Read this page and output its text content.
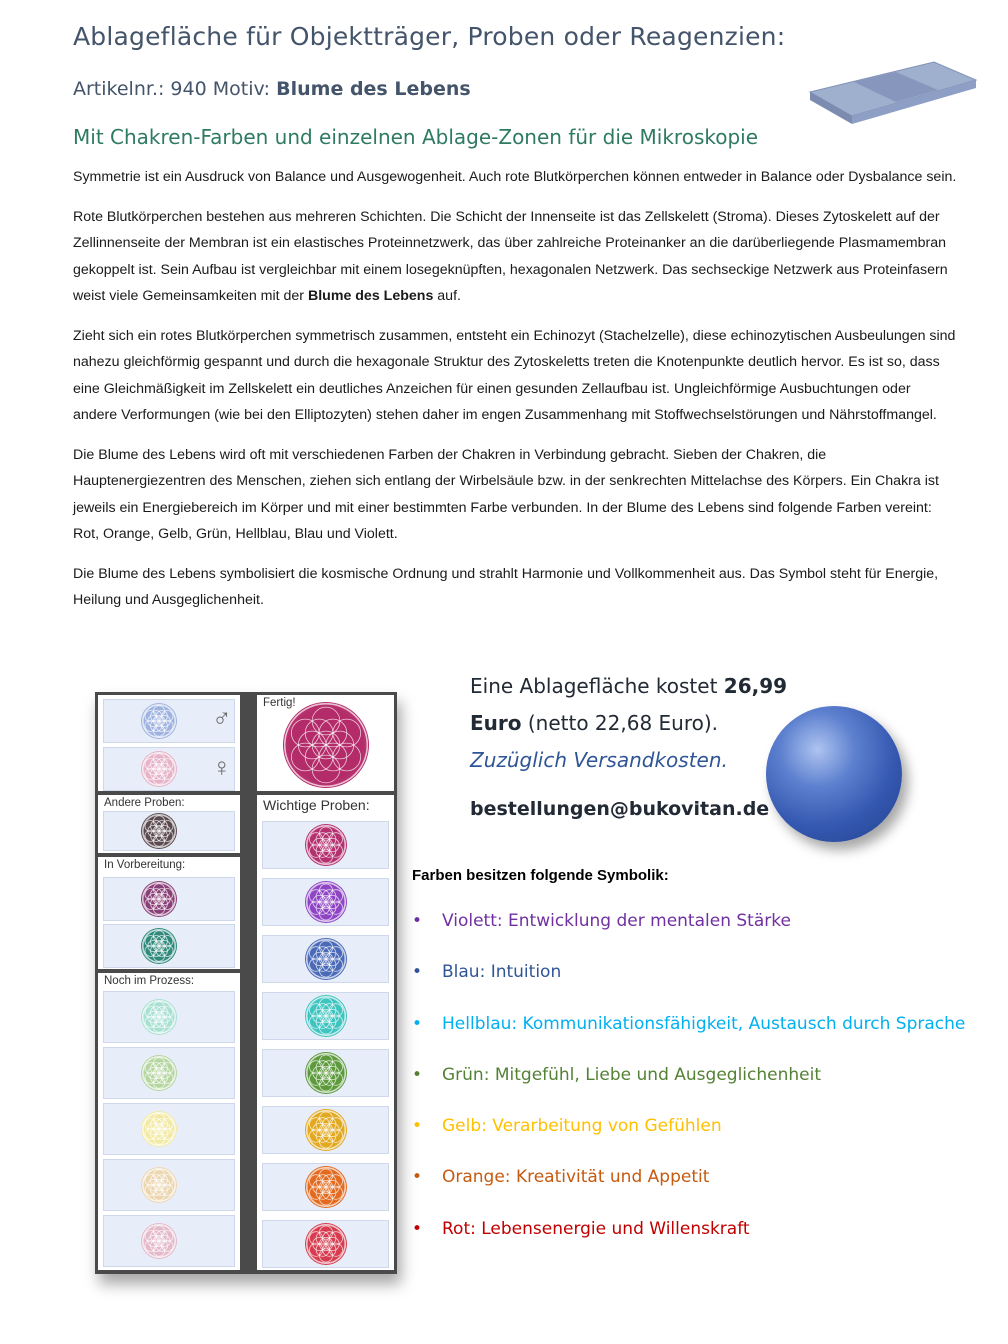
Ablagefläche für Objektträger, Proben oder Reagenzien:
Artikelnr.: 940 Motiv: Blume des Lebens
Mit Chakren-Farben und einzelnen Ablage-Zonen für die Mikroskopie

Symmetrie ist ein Ausdruck von Balance und Ausgewogenheit. Auch rote Blutkörperchen können entweder in Balance oder Dysbalance sein.

Rote Blutkörperchen bestehen aus mehreren Schichten. Die Schicht der Innenseite ist das Zellskelett (Stroma). Dieses Zytoskelett auf der Zellinnenseite der Membran ist ein elastisches Proteinnetzwerk, das über zahlreiche Proteinanker an die darüberliegende Plasmamembran gekoppelt ist. Sein Aufbau ist vergleichbar mit einem losegeknüpften, hexagonalen Netzwerk. Das sechseckige Netzwerk aus Proteinfasern weist viele Gemeinsamkeiten mit der Blume des Lebens auf.

Zieht sich ein rotes Blutkörperchen symmetrisch zusammen, entsteht ein Echinozyt (Stachelzelle), diese echinozytischen Ausbeulungen sind nahezu gleichförmig gespannt und durch die hexagonale Struktur des Zytoskeletts treten die Knotenpunkte deutlich hervor. Es ist so, dass eine Gleichmäßigkeit im Zellskelett ein deutliches Anzeichen für einen gesunden Zellaufbau ist. Ungleichförmige Ausbuchtungen oder andere Verformungen (wie bei den Elliptozyten) stehen daher im engen Zusammenhang mit Stoffwechselstörungen und Nährstoffmangel.

Die Blume des Lebens wird oft mit verschiedenen Farben der Chakren in Verbindung gebracht. Sieben der Chakren, die Hauptenergiezentren des Menschen, ziehen sich entlang der Wirbelsäule bzw. in der senkrechten Mittelachse des Körpers. Ein Chakra ist jeweils ein Energiebereich im Körper und mit einer bestimmten Farbe verbunden. In der Blume des Lebens sind folgende Farben vereint: Rot, Orange, Gelb, Grün, Hellblau, Blau und Violett.

Die Blume des Lebens symbolisiert die kosmische Ordnung und strahlt Harmonie und Vollkommenheit aus. Das Symbol steht für Energie, Heilung und Ausgeglichenheit.

Eine Ablagefläche kostet 26,99
Euro (netto 22,68 Euro).
Zuzüglich Versandkosten.
bestellungen@bukovitan.de
Farben besitzen folgende Symbolik:
•	Violett: Entwicklung der mentalen Stärke
•	Blau: Intuition
•	Hellblau: Kommunikationsfähigkeit, Austausch durch Sprache
•	Grün: Mitgefühl, Liebe und Ausgeglichenheit
•	Gelb: Verarbeitung von Gefühlen
•	Orange: Kreativität und Appetit
•	Rot: Lebensenergie und Willenskraft
♂
♀
Andere Proben:
In Vorbereitung:
Noch im Prozess:
Fertig!
Wichtige Proben:
